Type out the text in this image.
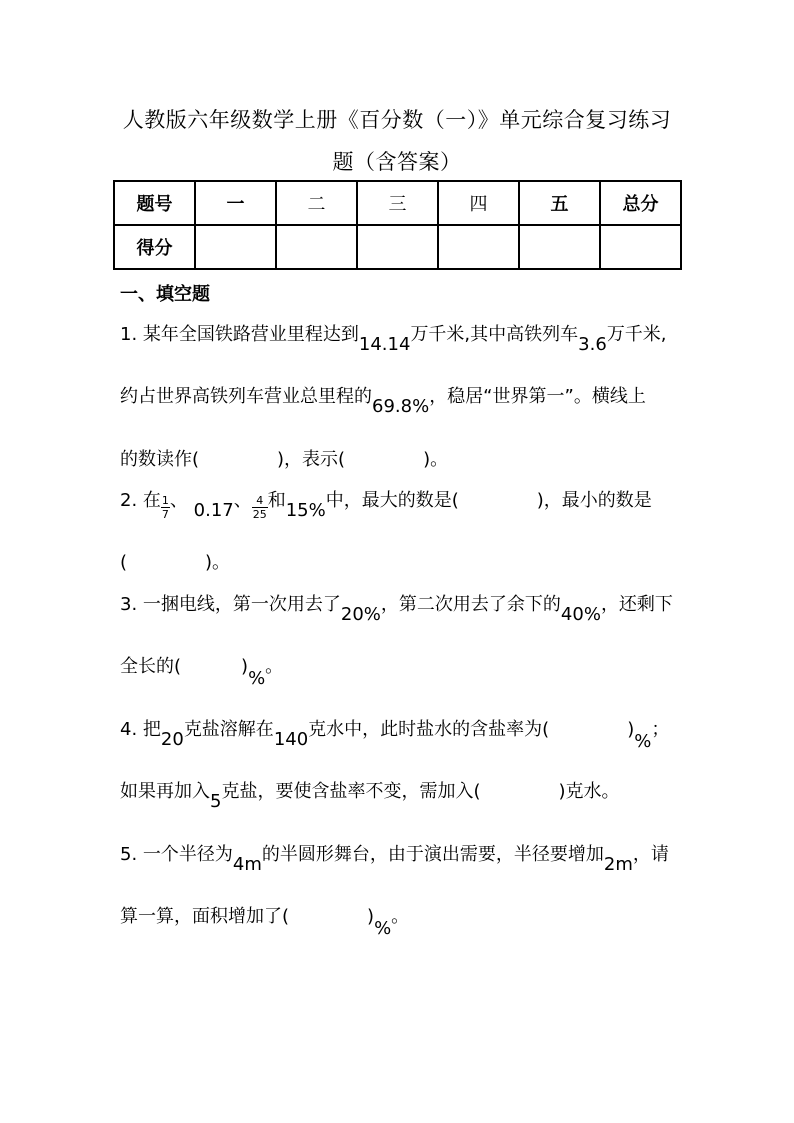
人教版六年级数学上册《百分数（一）》单元综合复习练习
题（含答案）
题号	一	二	三	四	五	总分
得分						
一、填空题
1. 某年全国铁路营业里程达到14.14万千米,其中高铁列车3.6万千米,
约占世界高铁列车营业总里程的69.8%，稳居“世界第一”。横线上
的数读作(	)，表示(	)。
2. 在 $\frac{1}{7}$ 、 0.17、 $\frac{4}{25}$ 和15%中，最大的数是(	)，最小的数是
(	)。
3. 一捆电线，第一次用去了20%，第二次用去了余下的40%，还剩下
全长的(	)%。
4. 把20克盐溶解在140克水中，此时盐水的含盐率为(	)%；
如果再加入5克盐，要使含盐率不变，需加入(	)克水。
5. 一个半径为4m的半圆形舞台，由于演出需要，半径要增加2m，请
算一算，面积增加了(	)%。
